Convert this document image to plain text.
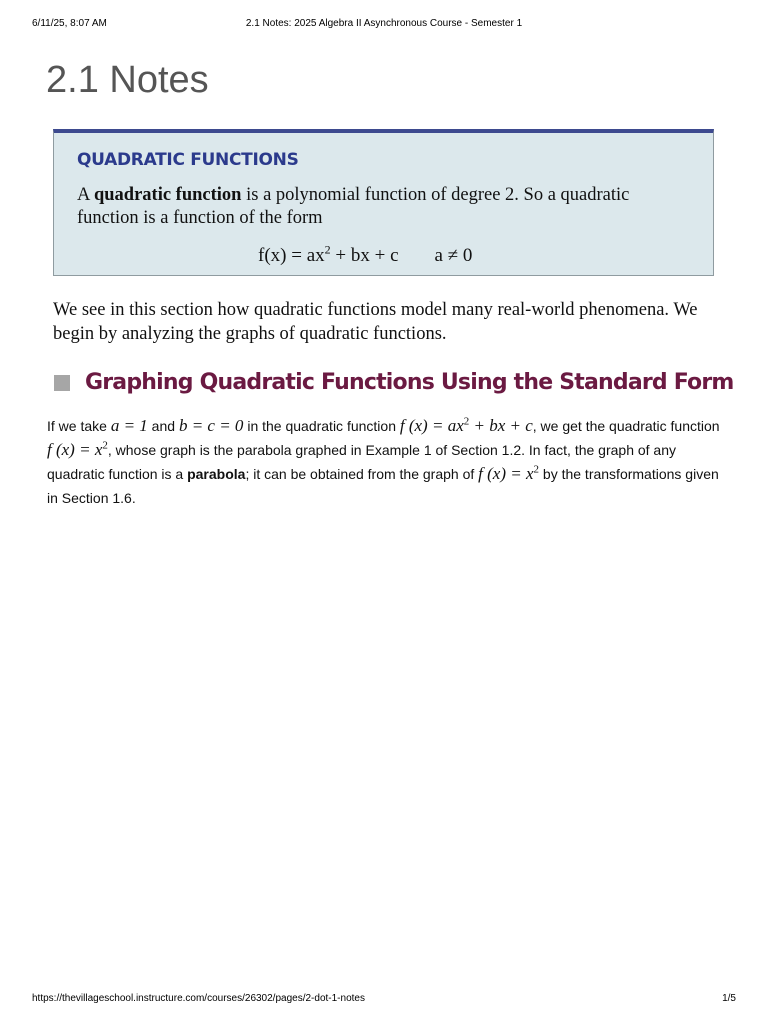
6/11/25, 8:07 AM	2.1 Notes: 2025 Algebra II Asynchronous Course - Semester 1
2.1 Notes
QUADRATIC FUNCTIONS
A quadratic function is a polynomial function of degree 2. So a quadratic function is a function of the form
$f(x) = ax^2$ + bx + c a ≠ 0

We see in this section how quadratic functions model many real-world phenomena. We begin by analyzing the graphs of quadratic functions.

Graphing Quadratic Functions Using the Standard Form

If we take a = 1 and b = c = 0 in the quadratic function f $(x) = ax^2$ + bx + c, we get the quadratic function f $(x) = x^2$, whose graph is the parabola graphed in Example 1 of Section 1.2. In fact, the graph of any quadratic function is a parabola; it can be obtained from the graph of f $(x) = x^2$ by the transformations given in Section 1.6.

https://thevillageschool.instructure.com/courses/26302/pages/2-dot-1-notes	1/5
